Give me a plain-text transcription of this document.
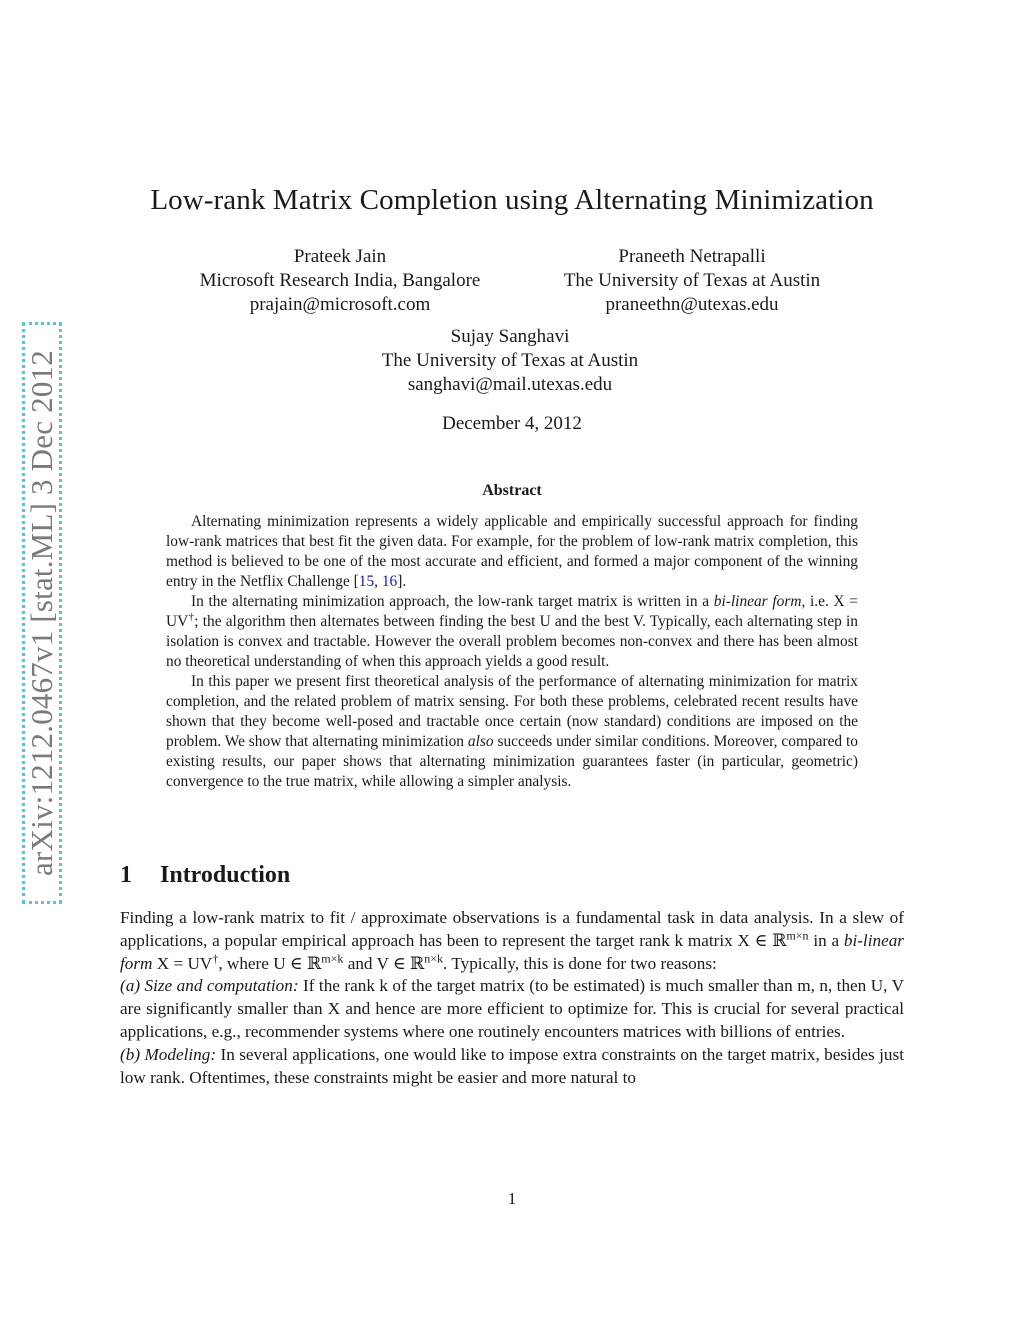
arXiv:1212.0467v1 [stat.ML] 3 Dec 2012
Low-rank Matrix Completion using Alternating Minimization
Prateek Jain
Microsoft Research India, Bangalore
prajain@microsoft.com
Praneeth Netrapalli
The University of Texas at Austin
praneethn@utexas.edu
Sujay Sanghavi
The University of Texas at Austin
sanghavi@mail.utexas.edu
December 4, 2012
Abstract

Alternating minimization represents a widely applicable and empirically successful approach for finding low-rank matrices that best fit the given data. For example, for the problem of low-rank matrix completion, this method is believed to be one of the most accurate and efficient, and formed a major component of the winning entry in the Netflix Challenge [15, 16].

In the alternating minimization approach, the low-rank target matrix is written in a bi-linear form, i.e. X = UV†; the algorithm then alternates between finding the best U and the best V. Typically, each alternating step in isolation is convex and tractable. However the overall problem becomes non-convex and there has been almost no theoretical understanding of when this approach yields a good result.

In this paper we present first theoretical analysis of the performance of alternating minimization for matrix completion, and the related problem of matrix sensing. For both these problems, celebrated recent results have shown that they become well-posed and tractable once certain (now standard) conditions are imposed on the problem. We show that alternating minimization also succeeds under similar conditions. Moreover, compared to existing results, our paper shows that alternating minimization guarantees faster (in particular, geometric) convergence to the true matrix, while allowing a simpler analysis.

1 Introduction

Finding a low-rank matrix to fit / approximate observations is a fundamental task in data analysis. In a slew of applications, a popular empirical approach has been to represent the target rank k matrix X ∈ ℝ$^{m\times n}$ in a bi-linear form X = UV†, where U ∈ ℝ$^{m\times k}$ and V ∈ ℝ$^{n\times k}$. Typically, this is done for two reasons:

(a) Size and computation: If the rank k of the target matrix (to be estimated) is much smaller than m, n, then U, V are significantly smaller than X and hence are more efficient to optimize for. This is crucial for several practical applications, e.g., recommender systems where one routinely encounters matrices with billions of entries.

(b) Modeling: In several applications, one would like to impose extra constraints on the target matrix, besides just low rank. Oftentimes, these constraints might be easier and more natural to

1
